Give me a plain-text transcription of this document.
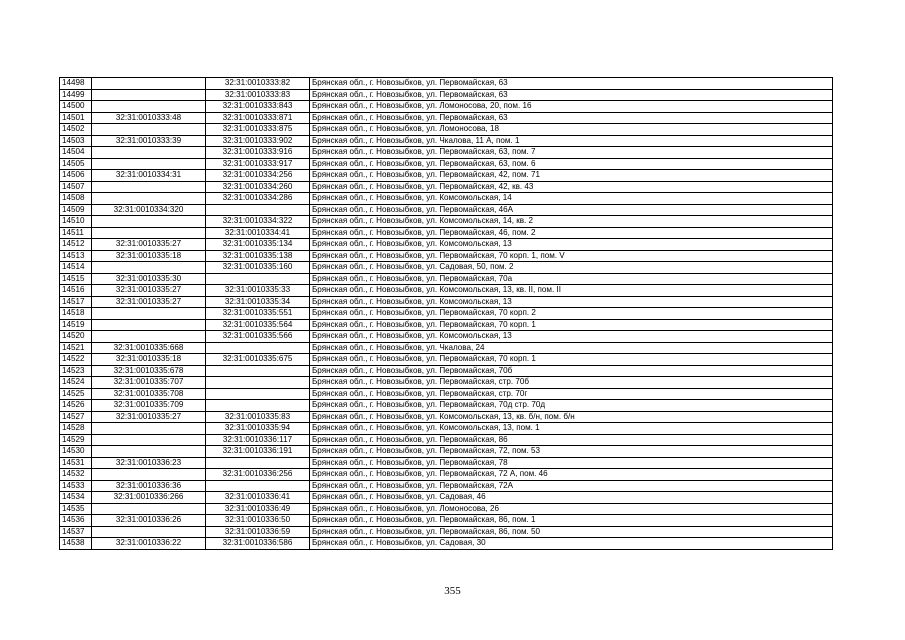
14498		32:31:0010333:82	Брянская обл., г. Новозыбков, ул. Первомайская, 63
14499		32:31:0010333:83	Брянская обл., г. Новозыбков, ул. Первомайская, 63
14500		32:31:0010333:843	Брянская обл., г. Новозыбков, ул. Ломоносова, 20, пом. 16
14501	32:31:0010333:48	32:31:0010333:871	Брянская обл., г. Новозыбков, ул. Первомайская, 63
14502		32:31:0010333:875	Брянская обл., г. Новозыбков, ул. Ломоносова, 18
14503	32:31:0010333:39	32:31:0010333:902	Брянская обл., г. Новозыбков, ул. Чкалова, 11 А, пом. 1
14504		32:31:0010333:916	Брянская обл., г. Новозыбков, ул. Первомайская, 63, пом. 7
14505		32:31:0010333:917	Брянская обл., г. Новозыбков, ул. Первомайская, 63, пом. 6
14506	32:31:0010334:31	32:31:0010334:256	Брянская обл., г. Новозыбков, ул. Первомайская, 42, пом. 71
14507		32:31:0010334:260	Брянская обл., г. Новозыбков, ул. Первомайская, 42, кв. 43
14508		32:31:0010334:286	Брянская обл., г. Новозыбков, ул. Комсомольская, 14
14509	32:31:0010334:320		Брянская обл., г. Новозыбков, ул. Первомайская, 46А
14510		32:31:0010334:322	Брянская обл., г. Новозыбков, ул. Комсомольская, 14, кв. 2
14511		32:31:0010334:41	Брянская обл., г. Новозыбков, ул. Первомайская, 46, пом. 2
14512	32:31:0010335:27	32:31:0010335:134	Брянская обл., г. Новозыбков, ул. Комсомольская, 13
14513	32:31:0010335:18	32:31:0010335:138	Брянская обл., г. Новозыбков, ул. Первомайская, 70 корп. 1, пом. V
14514		32:31:0010335:160	Брянская обл., г. Новозыбков, ул. Садовая, 50, пом. 2
14515	32:31:0010335:30		Брянская обл., г. Новозыбков, ул. Первомайская, 70а
14516	32:31:0010335:27	32:31:0010335:33	Брянская обл., г. Новозыбков, ул. Комсомольская, 13, кв. II, пом. II
14517	32:31:0010335:27	32:31:0010335:34	Брянская обл., г. Новозыбков, ул. Комсомольская, 13
14518		32:31:0010335:551	Брянская обл., г. Новозыбков, ул. Первомайская, 70 корп. 2
14519		32:31:0010335:564	Брянская обл., г. Новозыбков, ул. Первомайская, 70 корп. 1
14520		32:31:0010335:566	Брянская обл., г. Новозыбков, ул. Комсомольская, 13
14521	32:31:0010335:668		Брянская обл., г. Новозыбков, ул. Чкалова, 24
14522	32:31:0010335:18	32:31:0010335:675	Брянская обл., г. Новозыбков, ул. Первомайская, 70 корп. 1
14523	32:31:0010335:678		Брянская обл., г. Новозыбков, ул. Первомайская, 70б
14524	32:31:0010335:707		Брянская обл., г. Новозыбков, ул. Первомайская, стр. 70б
14525	32:31:0010335:708		Брянская обл., г. Новозыбков, ул. Первомайская, стр. 70г
14526	32:31:0010335:709		Брянская обл., г. Новозыбков, ул. Первомайская, 70д стр. 70д
14527	32:31:0010335:27	32:31:0010335:83	Брянская обл., г. Новозыбков, ул. Комсомольская, 13, кв. б/н, пом. б/н
14528		32:31:0010335:94	Брянская обл., г. Новозыбков, ул. Комсомольская, 13, пом. 1
14529		32:31:0010336:117	Брянская обл., г. Новозыбков, ул. Первомайская, 86
14530		32:31:0010336:191	Брянская обл., г. Новозыбков, ул. Первомайская, 72, пом. 53
14531	32:31:0010336:23		Брянская обл., г. Новозыбков, ул. Первомайская, 78
14532		32:31:0010336:256	Брянская обл., г. Новозыбков, ул. Первомайская, 72 А, пом. 46
14533	32:31:0010336:36		Брянская обл., г. Новозыбков, ул. Первомайская, 72А
14534	32:31:0010336:266	32:31:0010336:41	Брянская обл., г. Новозыбков, ул. Садовая, 46
14535		32:31:0010336:49	Брянская обл., г. Новозыбков, ул. Ломоносова, 26
14536	32:31:0010336:26	32:31:0010336:50	Брянская обл., г. Новозыбков, ул. Первомайская, 86, пом. 1
14537		32:31:0010336:59	Брянская обл., г. Новозыбков, ул. Первомайская, 86, пом. 50
14538	32:31:0010336:22	32:31:0010336:586	Брянская обл., г. Новозыбков, ул. Садовая, 30
355
